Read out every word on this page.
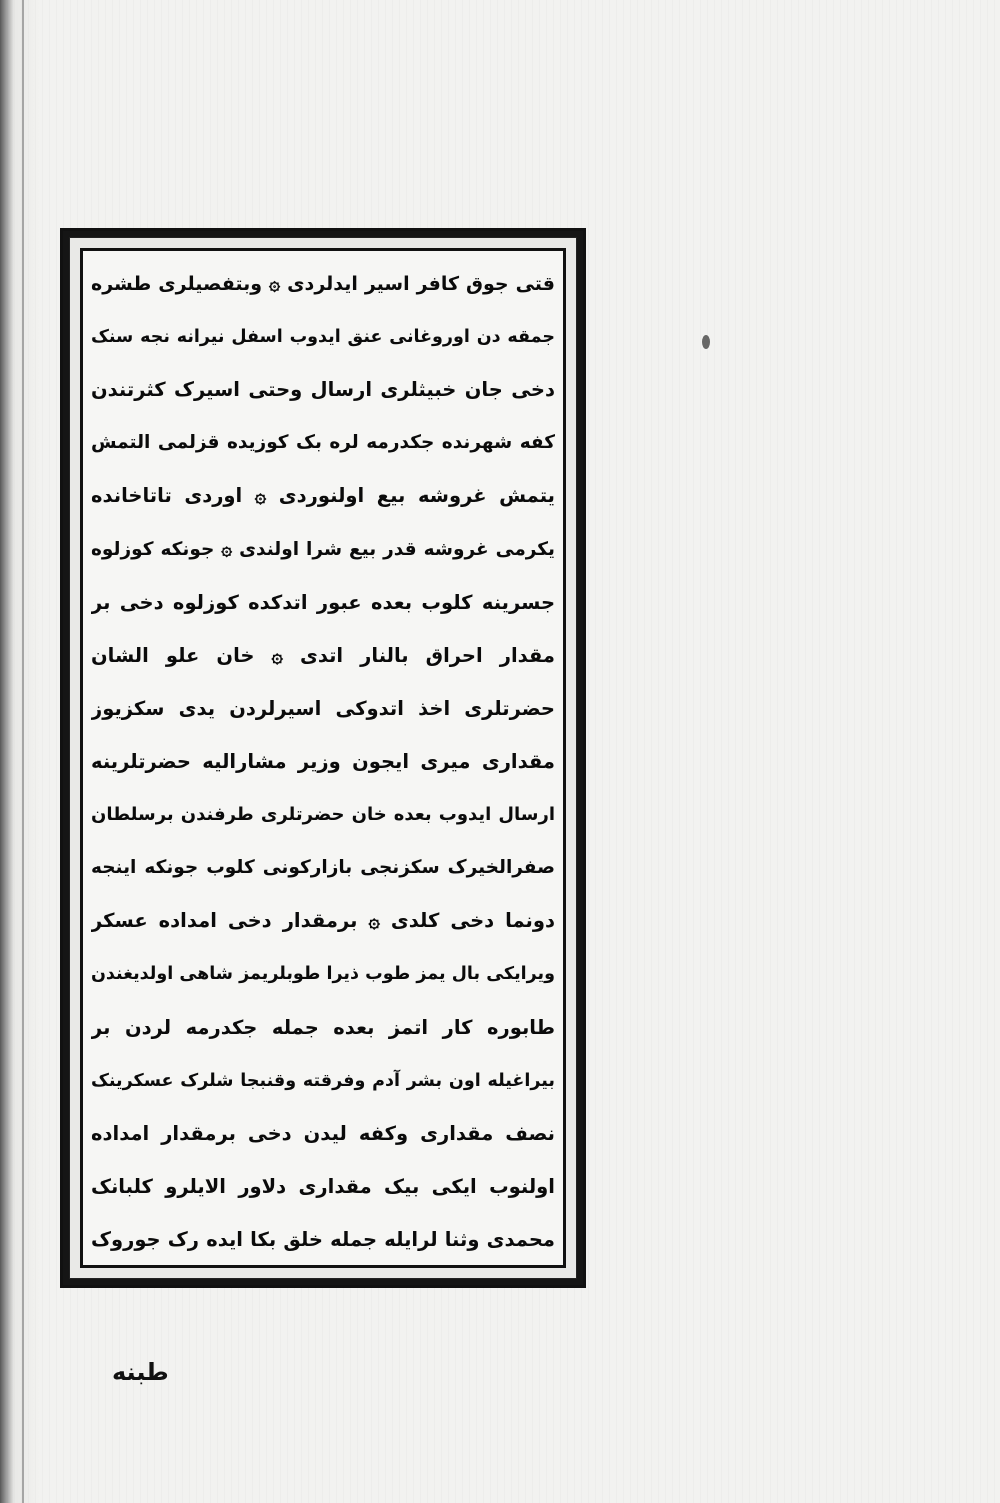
قتی جوق کافر اسیر ایدلردی ۞ وبتفصیلری طشره
جمقه دن اوروغانی عنق ایدوب اسفل نیرانه نجه سنک
دخی جان خبیثلری ارسال وحتی اسیرک کثرتندن
کفه شهرنده جکدرمه لره بک کوزیده قزلمی التمش
یتمش غروشه بیع اولنوردی ۞ اوردی تاتاخانده
یکرمی غروشه قدر بیع شرا اولندی ۞ جونکه کوزلوه
جسرینه کلوب بعده عبور اتدکده کوزلوه دخی بر
مقدار احراق بالنار اتدی ۞ خان علو الشان
حضرتلری اخذ اتدوکی اسیرلردن یدی سکزیوز
مقداری میری ایجون وزیر مشارالیه حضرتلرینه
ارسال ایدوب بعده خان حضرتلری طرفندن برسلطان
صفرالخیرک سکزنجی بازارکونی کلوب جونکه اینجه
دونما دخی کلدی ۞ برمقدار دخی امداده عسکر
ویرایکی بال یمز طوب ذیرا طوبلریمز شاهی اولدیغندن
طابوره کار اتمز بعده جمله جکدرمه لردن بر
بیراغیله اون بشر آدم وفرقته وقنبجا شلرک عسکرینک
نصف مقداری وکفه لیدن دخی برمقدار امداده
اولنوب ایکی بیک مقداری دلاور الایلرو کلبانک
محمدی وثنا لرایله جمله خلق بکا ایده رک جوروک
طبنه
